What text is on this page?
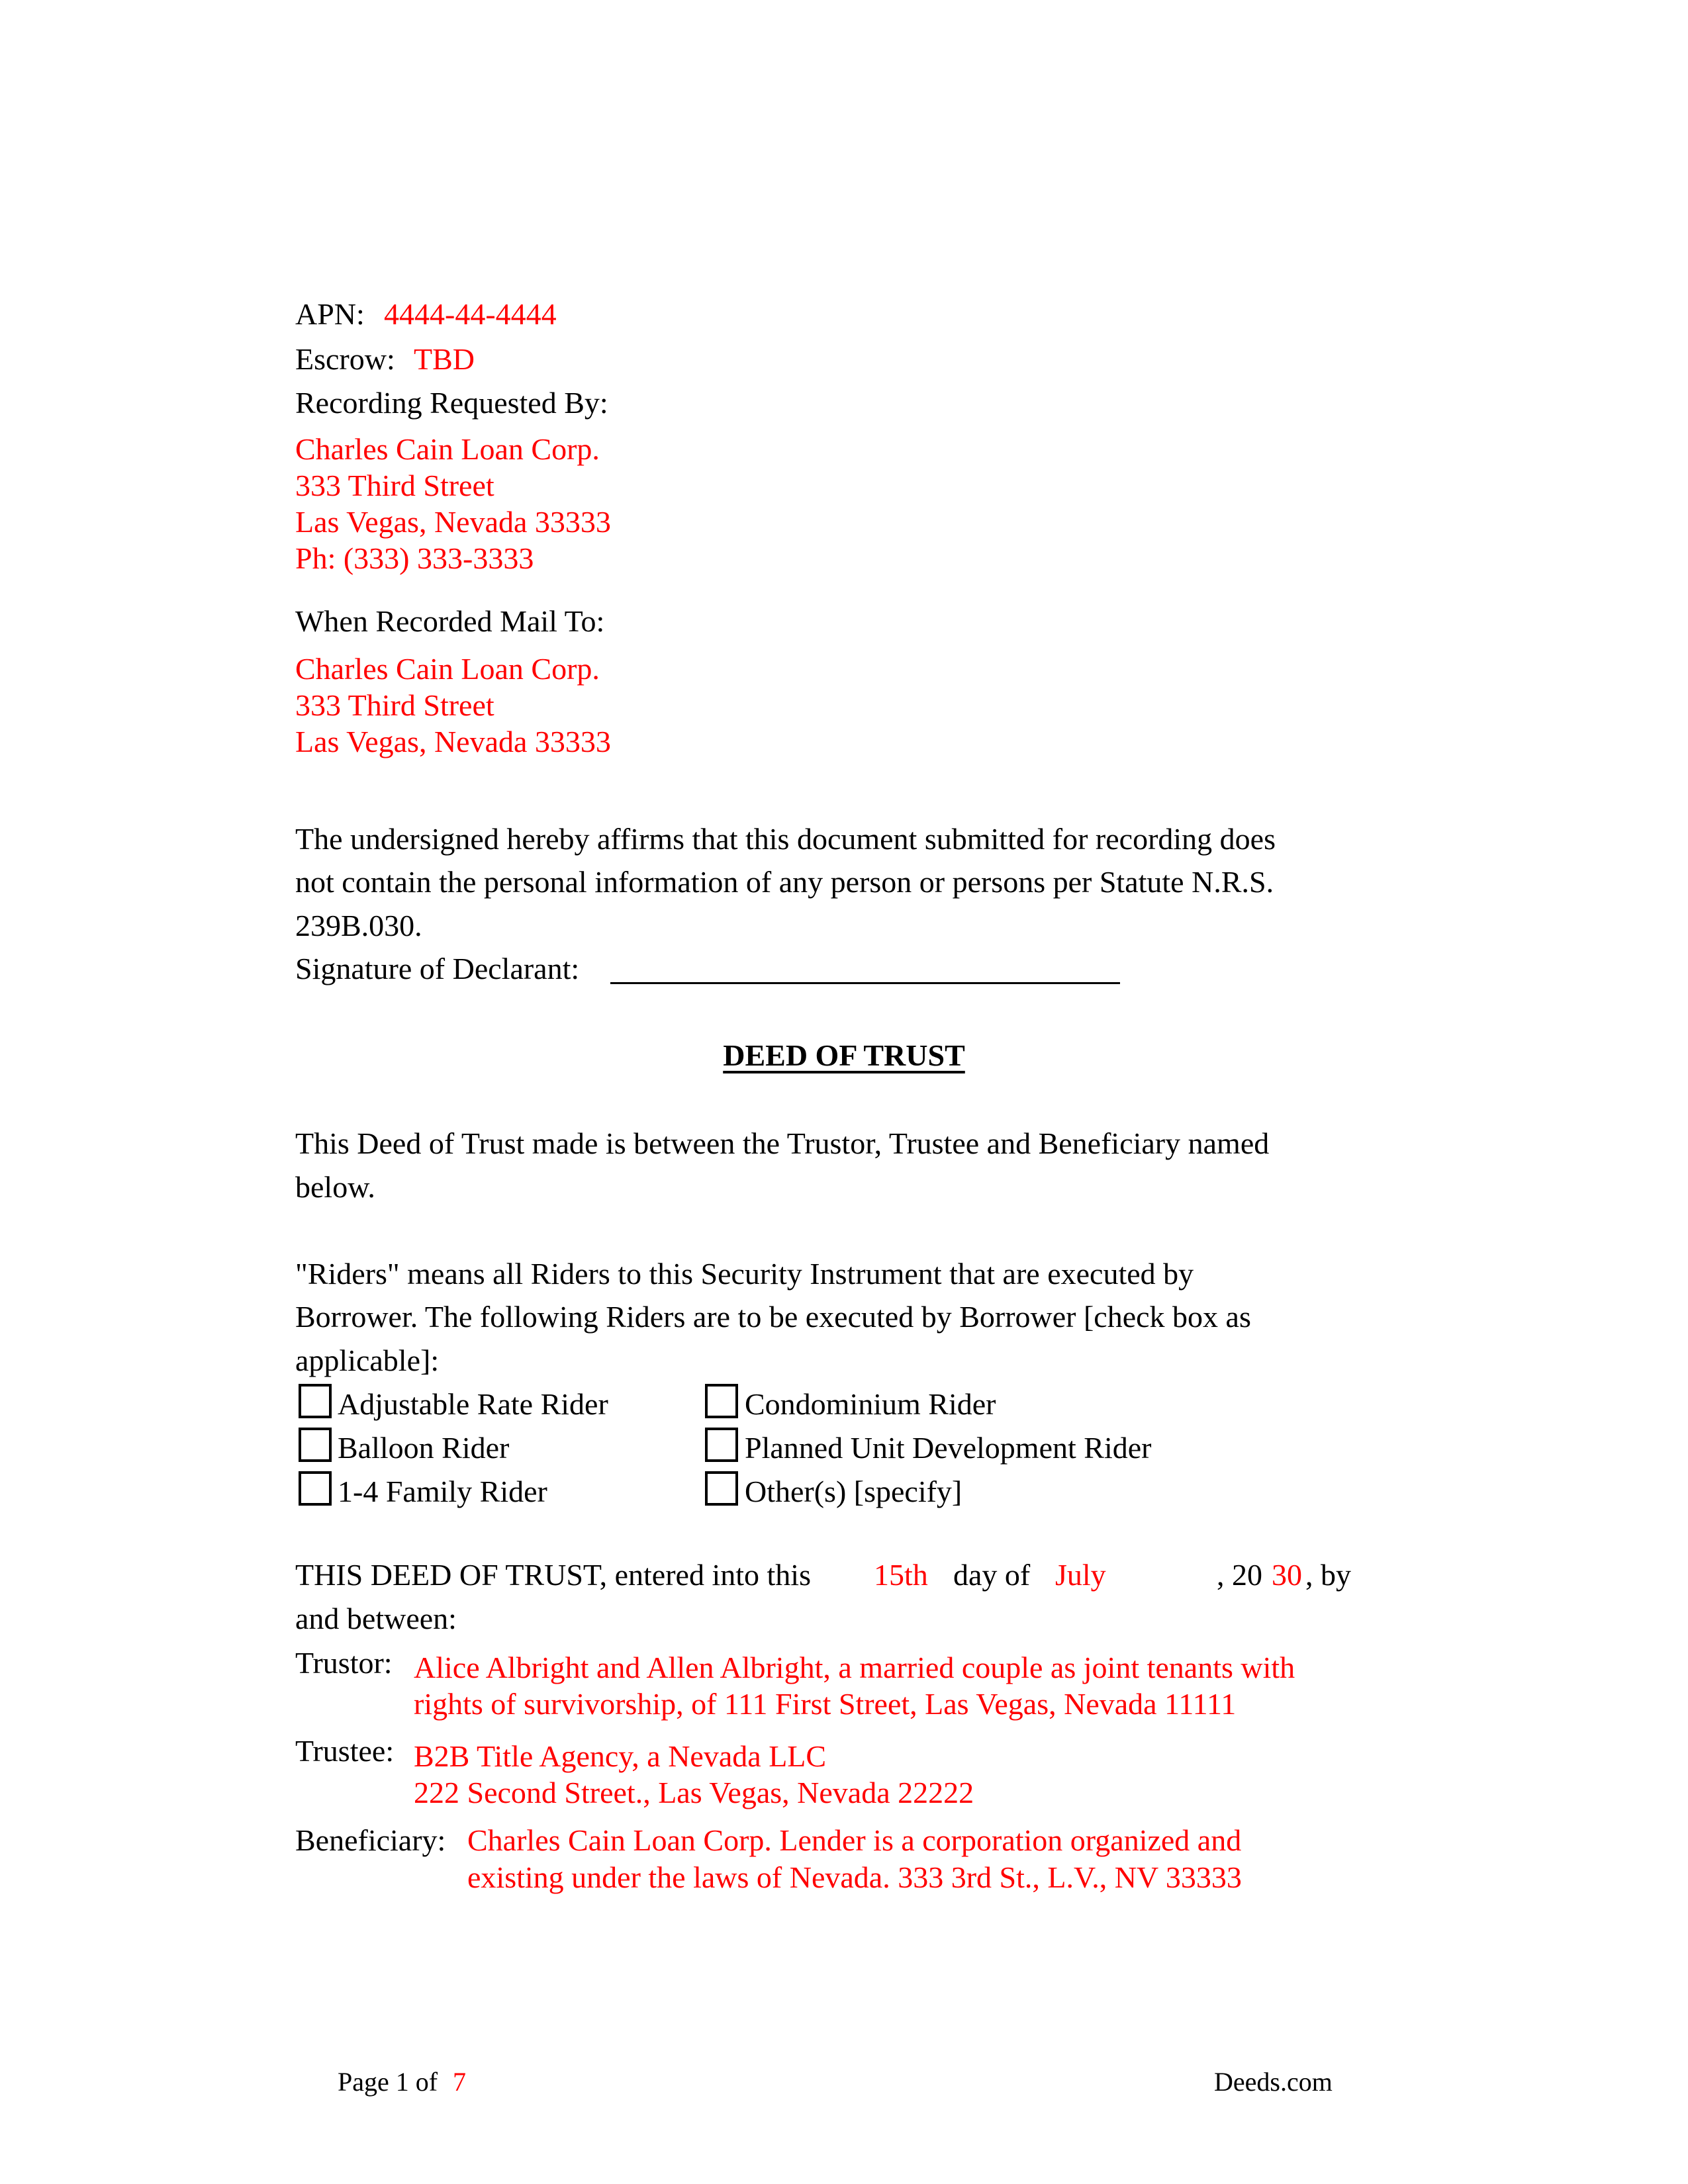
APN: 4444-44-4444
Escrow: TBD
Recording Requested By:
Charles Cain Loan Corp.
333 Third Street
Las Vegas, Nevada 33333
Ph: (333) 333-3333
When Recorded Mail To:
Charles Cain Loan Corp.
333 Third Street
Las Vegas, Nevada 33333
The undersigned hereby affirms that this document submitted for recording does
not contain the personal information of any person or persons per Statute N.R.S.
239B.030.
Signature of Declarant:
DEED OF TRUST
This Deed of Trust made is between the Trustor, Trustee and Beneficiary named
below.
"Riders" means all Riders to this Security Instrument that are executed by
Borrower. The following Riders are to be executed by Borrower [check box as
applicable]:
Adjustable Rate Rider
Balloon Rider
1-4 Family Rider
Condominium Rider
Planned Unit Development Rider
Other(s) [specify]
THIS DEED OF TRUST, entered into this 15th day of July	, 20 30 , by
and between:
Trustor: Alice Albright and Allen Albright, a married couple as joint tenants with
rights of survivorship, of 111 First Street, Las Vegas, Nevada 11111
Trustee: B2B Title Agency, a Nevada LLC
222 Second Street., Las Vegas, Nevada 22222
Beneficiary: Charles Cain Loan Corp. Lender is a corporation organized and
existing under the laws of Nevada. 333 3rd St., L.V., NV 33333
Page 1 of 7	Deeds.com
